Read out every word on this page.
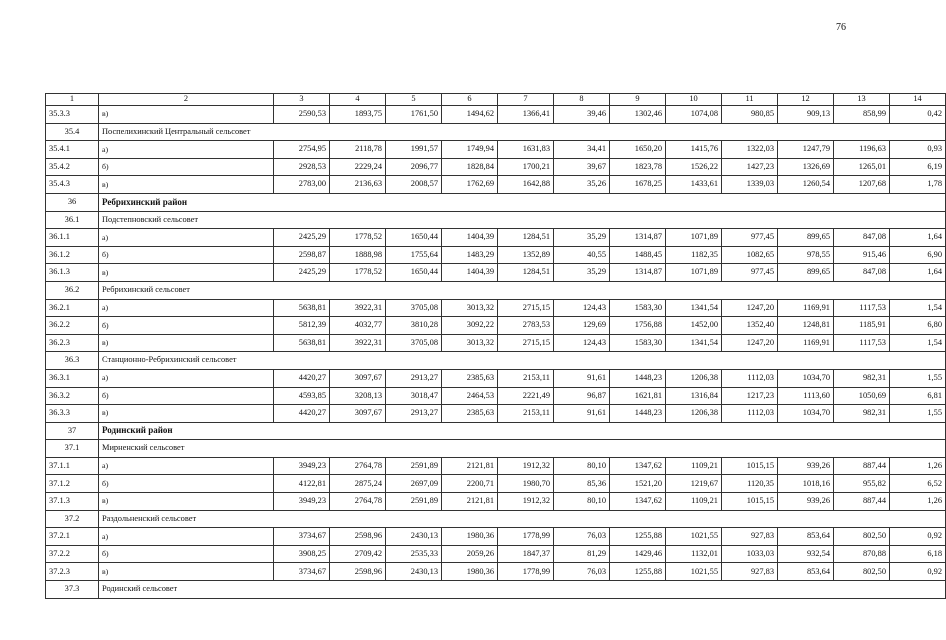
76
1	2	3	4	5	6	7	8	9	10	11	12	13	14
35.3.3	в)	2590,53	1893,75	1761,50	1494,62	1366,41	39,46	1302,46	1074,08	980,85	909,13	858,99	0,42
35.4	Поспелихинский Центральный сельсовет												
35.4.1	а)	2754,95	2118,78	1991,57	1749,94	1631,83	34,41	1650,20	1415,76	1322,03	1247,79	1196,63	0,93
35.4.2	б)	2928,53	2229,24	2096,77	1828,84	1700,21	39,67	1823,78	1526,22	1427,23	1326,69	1265,01	6,19
35.4.3	в)	2783,00	2136,63	2008,57	1762,69	1642,88	35,26	1678,25	1433,61	1339,03	1260,54	1207,68	1,78
36	Ребрихинский район												
36.1	Подстепновский сельсовет												
36.1.1	а)	2425,29	1778,52	1650,44	1404,39	1284,51	35,29	1314,87	1071,89	977,45	899,65	847,08	1,64
36.1.2	б)	2598,87	1888,98	1755,64	1483,29	1352,89	40,55	1488,45	1182,35	1082,65	978,55	915,46	6,90
36.1.3	в)	2425,29	1778,52	1650,44	1404,39	1284,51	35,29	1314,87	1071,89	977,45	899,65	847,08	1,64
36.2	Ребрихинский сельсовет												
36.2.1	а)	5638,81	3922,31	3705,08	3013,32	2715,15	124,43	1583,30	1341,54	1247,20	1169,91	1117,53	1,54
36.2.2	б)	5812,39	4032,77	3810,28	3092,22	2783,53	129,69	1756,88	1452,00	1352,40	1248,81	1185,91	6,80
36.2.3	в)	5638,81	3922,31	3705,08	3013,32	2715,15	124,43	1583,30	1341,54	1247,20	1169,91	1117,53	1,54
36.3	Станционно-Ребрихинский сельсовет												
36.3.1	а)	4420,27	3097,67	2913,27	2385,63	2153,11	91,61	1448,23	1206,38	1112,03	1034,70	982,31	1,55
36.3.2	б)	4593,85	3208,13	3018,47	2464,53	2221,49	96,87	1621,81	1316,84	1217,23	1113,60	1050,69	6,81
36.3.3	в)	4420,27	3097,67	2913,27	2385,63	2153,11	91,61	1448,23	1206,38	1112,03	1034,70	982,31	1,55
37	Родинский район												
37.1	Мирненский сельсовет												
37.1.1	а)	3949,23	2764,78	2591,89	2121,81	1912,32	80,10	1347,62	1109,21	1015,15	939,26	887,44	1,26
37.1.2	б)	4122,81	2875,24	2697,09	2200,71	1980,70	85,36	1521,20	1219,67	1120,35	1018,16	955,82	6,52
37.1.3	в)	3949,23	2764,78	2591,89	2121,81	1912,32	80,10	1347,62	1109,21	1015,15	939,26	887,44	1,26
37.2	Раздольненский сельсовет												
37.2.1	а)	3734,67	2598,96	2430,13	1980,36	1778,99	76,03	1255,88	1021,55	927,83	853,64	802,50	0,92
37.2.2	б)	3908,25	2709,42	2535,33	2059,26	1847,37	81,29	1429,46	1132,01	1033,03	932,54	870,88	6,18
37.2.3	в)	3734,67	2598,96	2430,13	1980,36	1778,99	76,03	1255,88	1021,55	927,83	853,64	802,50	0,92
37.3	Родинский сельсовет												
